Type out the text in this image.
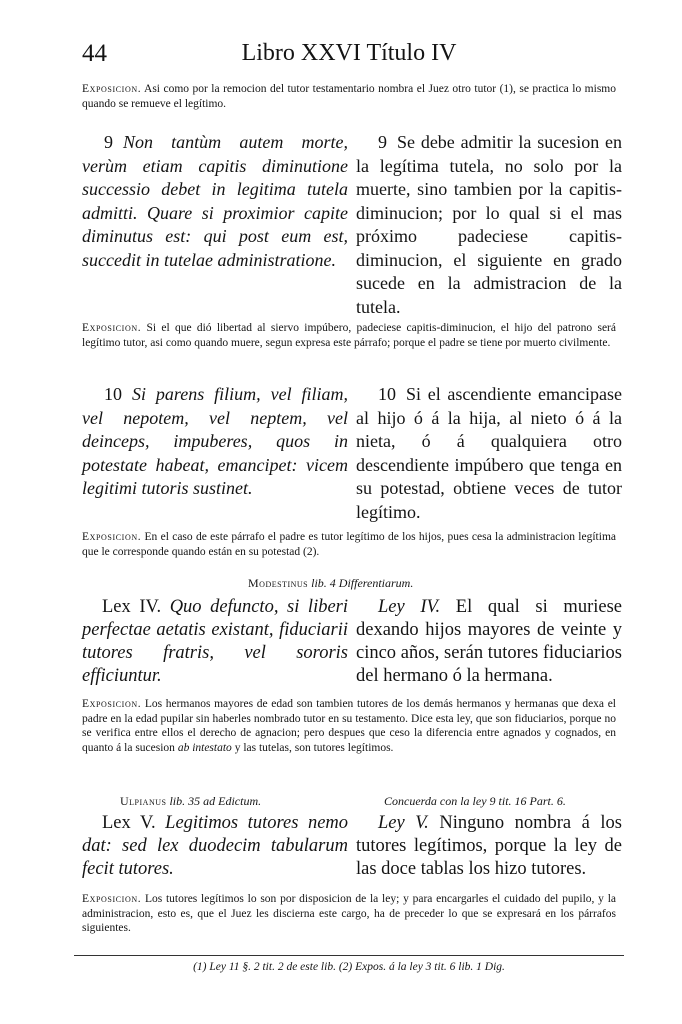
44	Libro XXVI Título IV
Exposicion. Asi como por la remocion del tutor testamentario nombra el Juez otro tutor (1), se practica lo mismo quando se remueve el legítimo.

9 Non tantùm autem morte, verùm etiam capitis diminutione successio debet in legitima tutela admitti. Quare si proximior capite diminutus est: qui post eum est, succedit in tutelae administratione.

9 Se debe admitir la sucesion en la legítima tutela, no solo por la muerte, sino tambien por la capitis-diminucion; por lo qual si el mas próximo padeciese capitis-diminucion, el siguiente en grado sucede en la admistracion de la tutela.

Exposicion. Si el que dió libertad al siervo impúbero, padeciese capitis-diminucion, el hijo del patrono será legítimo tutor, asi como quando muere, segun expresa este párrafo; porque el padre se tiene por muerto civilmente.

10 Si parens filium, vel filiam, vel nepotem, vel neptem, vel deinceps, impuberes, quos in potestate habeat, emancipet: vicem legitimi tutoris sustinet.

10 Si el ascendiente emancipase al hijo ó á la hija, al nieto ó á la nieta, ó á qualquiera otro descendiente impúbero que tenga en su potestad, obtiene veces de tutor legítimo.

Exposicion. En el caso de este párrafo el padre es tutor legítimo de los hijos, pues cesa la administracion legítima que le corresponde quando están en su potestad (2).
Modestinus lib. 4 Differentiarum.

Lex IV. Quo defuncto, si liberi perfectae aetatis existant, fiduciarii tutores fratris, vel sororis efficiuntur.

Ley IV. El qual si muriese dexando hijos mayores de veinte y cinco años, serán tutores fiduciarios del hermano ó la hermana.

Exposicion. Los hermanos mayores de edad son tambien tutores de los demás hermanos y hermanas que dexa el padre en la edad pupilar sin haberles nombrado tutor en su testamento. Dice esta ley, que son fiduciarios, porque no se verifica entre ellos el derecho de agnacion; pero despues que ceso la diferencia entre agnados y cognados, en quanto á la sucesion ab intestato y las tutelas, son tutores legítimos.
Ulpianus lib. 35 ad Edictum.	Concuerda con la ley 9 tit. 16 Part. 6.

Lex V. Legitimos tutores nemo dat: sed lex duodecim tabularum fecit tutores.

Ley V. Ninguno nombra á los tutores legítimos, porque la ley de las doce tablas los hizo tutores.

Exposicion. Los tutores legítimos lo son por disposicion de la ley; y para encargarles el cuidado del pupilo, y la administracion, esto es, que el Juez les discierna este cargo, ha de preceder lo que se expresará en los párrafos siguientes.
(1) Ley 11 §. 2 tit. 2 de este lib. (2) Expos. á la ley 3 tit. 6 lib. 1 Dig.
